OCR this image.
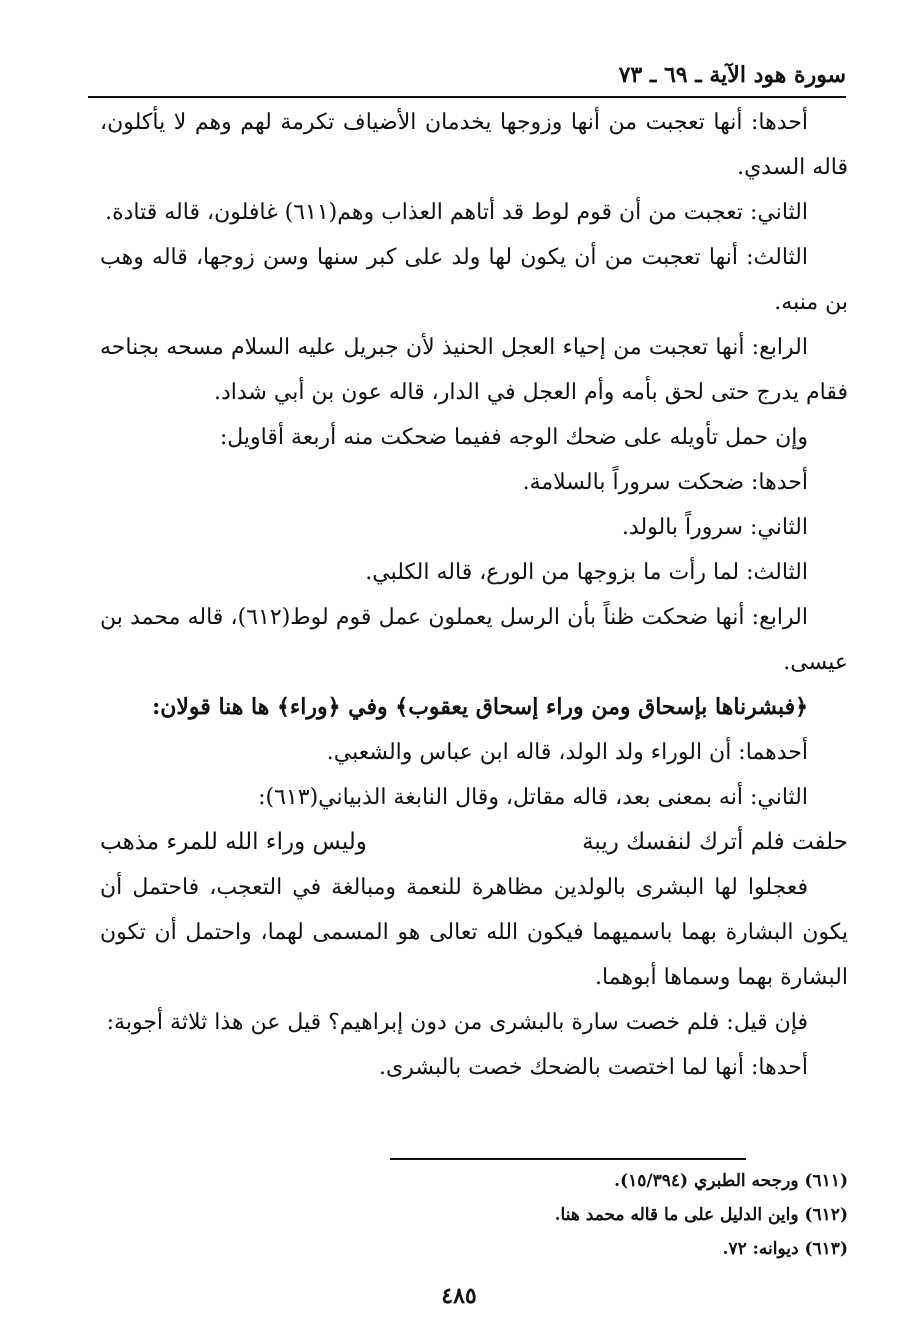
سورة هود الآية ـ ٦٩ ـ ٧٣

أحدها: أنها تعجبت من أنها وزوجها يخدمان الأضياف تكرمة لهم وهم لا يأكلون، قاله السدي.

الثاني: تعجبت من أن قوم لوط قد أتاهم العذاب وهم(٦١١) غافلون، قاله قتادة.

الثالث: أنها تعجبت من أن يكون لها ولد على كبر سنها وسن زوجها، قاله وهب بن منبه.

الرابع: أنها تعجبت من إحياء العجل الحنيذ لأن جبريل عليه السلام مسحه بجناحه فقام يدرج حتى لحق بأمه وأم العجل في الدار، قاله عون بن أبي شداد.

وإن حمل تأويله على ضحك الوجه ففيما ضحكت منه أربعة أقاويل:

أحدها: ضحكت سروراً بالسلامة.

الثاني: سروراً بالولد.

الثالث: لما رأت ما بزوجها من الورع، قاله الكلبي.

الرابع: أنها ضحكت ظناً بأن الرسل يعملون عمل قوم لوط(٦١٢)، قاله محمد بن عيسى.

﴿فبشرناها بإسحاق ومن وراء إسحاق يعقوب﴾ وفي ﴿وراء﴾ ها هنا قولان:

أحدهما: أن الوراء ولد الولد، قاله ابن عباس والشعبي.

الثاني: أنه بمعنى بعد، قاله مقاتل، وقال النابغة الذبياني(٦١٣):

حلفت فلم أترك لنفسك ريبة
وليس وراء الله للمرء مذهب

فعجلوا لها البشرى بالولدين مظاهرة للنعمة ومبالغة في التعجب، فاحتمل أن يكون البشارة بهما باسميهما فيكون الله تعالى هو المسمى لهما، واحتمل أن تكون البشارة بهما وسماها أبوهما.

فإن قيل: فلم خصت سارة بالبشرى من دون إبراهيم؟ قيل عن هذا ثلاثة أجوبة:

أحدها: أنها لما اختصت بالضحك خصت بالبشرى.

(٦١١) ورجحه الطبري (١٥/٣٩٤).

(٦١٢) واين الدليل على ما قاله محمد هنا.

(٦١٣) ديوانه: ٧٢.

٤٨٥
